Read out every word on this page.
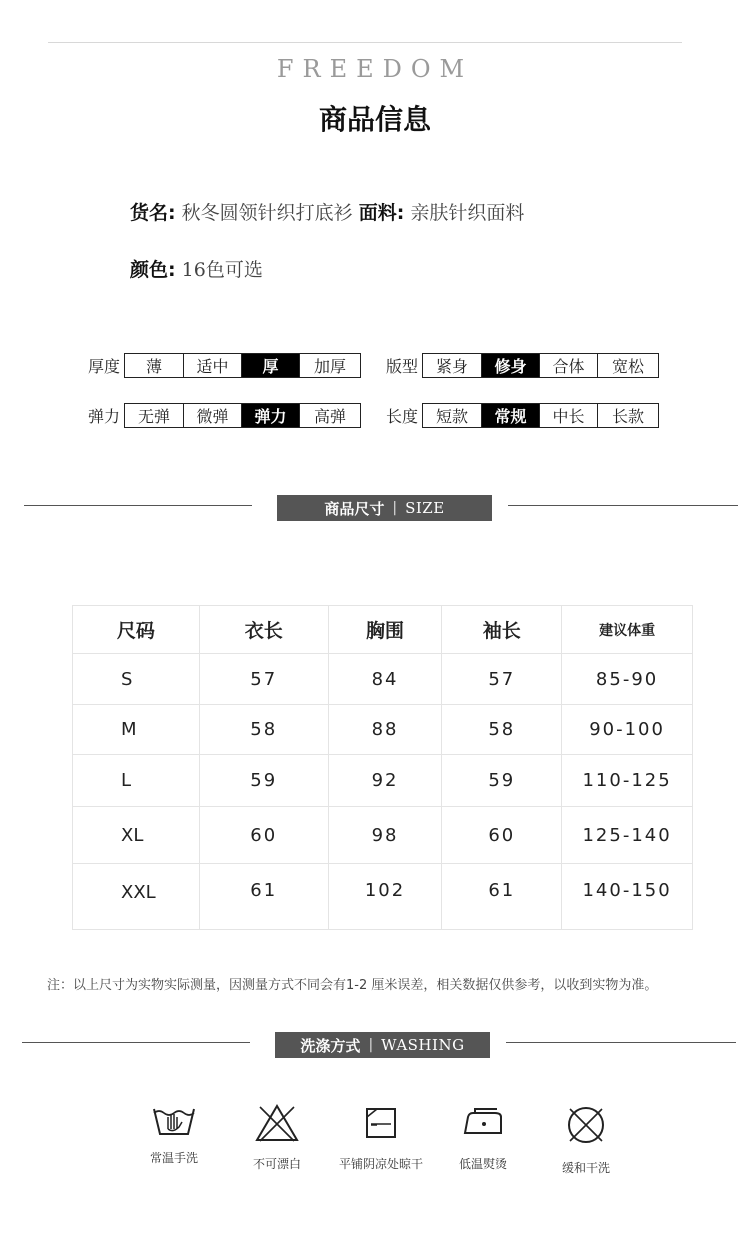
FREEDOM
商品信息
货名: 秋冬圆领针织打底衫 面料: 亲肤针织面料
颜色: 16色可选
厚度	薄	适中	厚	加厚	版型	紧身	修身	合体	宽松
弹力	无弹	微弹	弹力	高弹	长度	短款	常规	中长	长款
商品尺寸 | SIZE
尺码	衣长	胸围	袖长	建议体重
S	57	84	57	85-90
M	58	88	58	90-100
L	59	92	59	110-125
XL	60	98	60	125-140
XXL	61	102	61	140-150
注：以上尺寸为实物实际测量，因测量方式不同会有1-2 厘米误差，相关数据仅供参考，以收到实物为准。
洗涤方式 | WASHING
常温手洗	不可漂白	平铺阴凉处晾干	低温熨烫	缓和干洗
